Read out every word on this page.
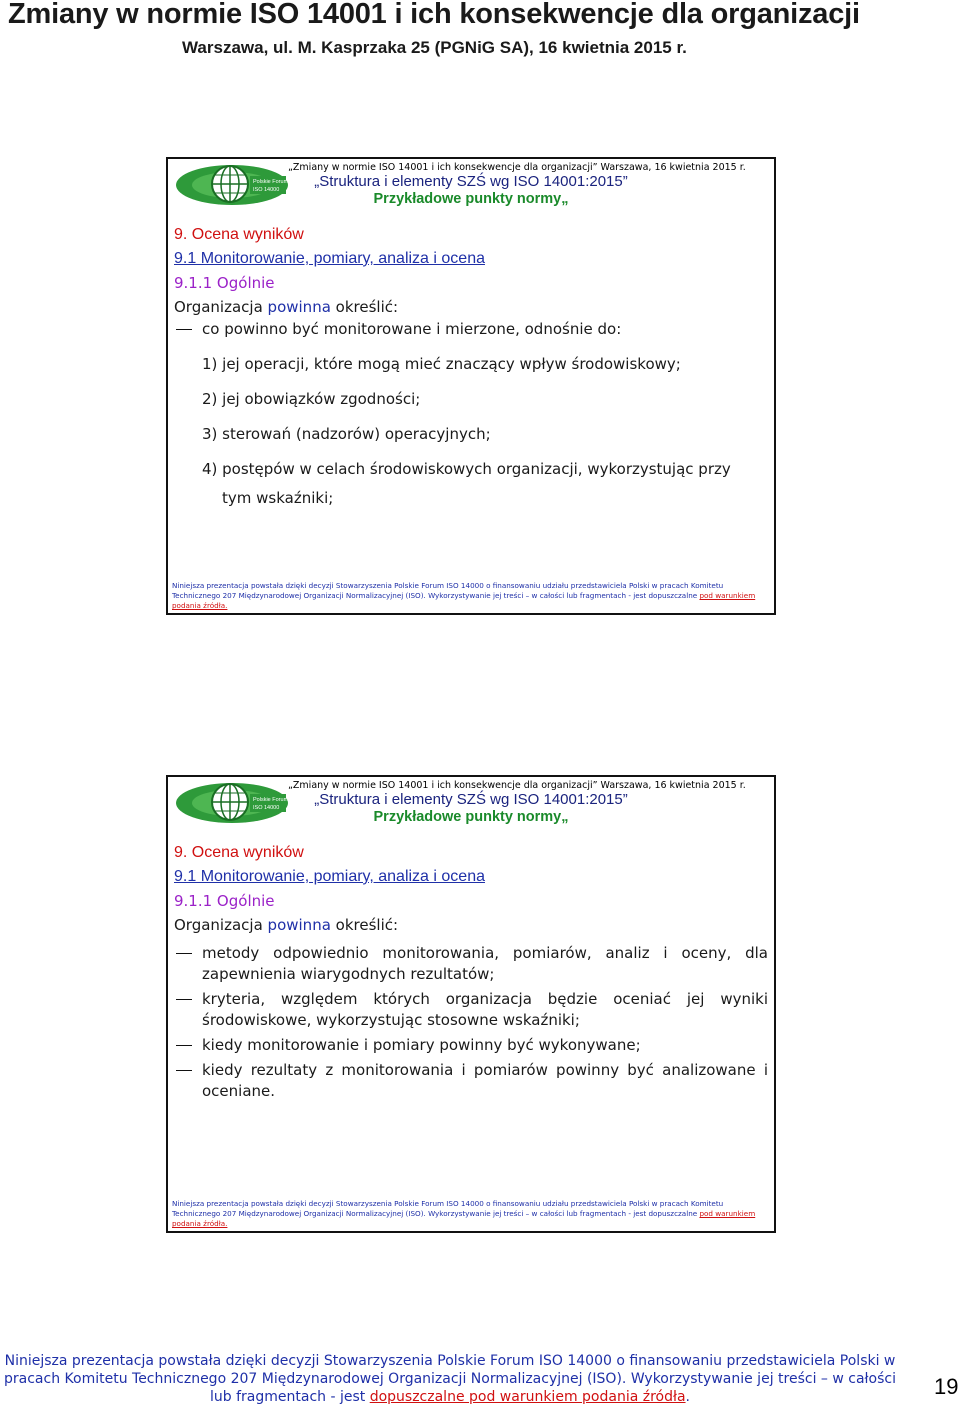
Zmiany w normie ISO 14001 i ich konsekwencje dla organizacji

Warszawa, ul. M. Kasprzaka 25 (PGNiG SA), 16 kwietnia 2015 r.

Polskie Forum
ISO 14000
„Zmiany w normie ISO 14001 i ich konsekwencje dla organizacji” Warszawa, 16 kwietnia 2015 r.
„Struktura i elementy SZŚ wg ISO 14001:2015”
Przykładowe punkty normy„

9. Ocena wyników

9.1 Monitorowanie, pomiary, analiza i ocena

9.1.1 Ogólnie

Organizacja powinna określić:

co powinno być monitorowane i mierzone, odnośnie do:
1) jej operacji, które mogą mieć znaczący wpływ środowiskowy;
2) jej obowiązków zgodności;
3) sterowań (nadzorów) operacyjnych;
4) postępów w celach środowiskowych organizacji, wykorzystując przy
tym wskaźniki;
Niniejsza prezentacja powstała dzięki decyzji Stowarzyszenia Polskie Forum ISO 14000 o finansowaniu udziału przedstawiciela Polski w pracach Komitetu Technicznego 207 Międzynarodowej Organizacji Normalizacyjnej (ISO). Wykorzystywanie jej treści – w całości lub fragmentach - jest dopuszczalne pod warunkiem podania źródła.
Polskie Forum
ISO 14000
„Zmiany w normie ISO 14001 i ich konsekwencje dla organizacji” Warszawa, 16 kwietnia 2015 r.
„Struktura i elementy SZŚ wg ISO 14001:2015”
Przykładowe punkty normy„

9. Ocena wyników

9.1 Monitorowanie, pomiary, analiza i ocena

9.1.1 Ogólnie

Organizacja powinna określić:

metody odpowiednio monitorowania, pomiarów, analiz i oceny, dla zapewnienia wiarygodnych rezultatów;
kryteria, względem których organizacja będzie oceniać jej wyniki środowiskowe, wykorzystując stosowne wskaźniki;
kiedy monitorowanie i pomiary powinny być wykonywane;
kiedy rezultaty z monitorowania i pomiarów powinny być analizowane i oceniane.
Niniejsza prezentacja powstała dzięki decyzji Stowarzyszenia Polskie Forum ISO 14000 o finansowaniu udziału przedstawiciela Polski w pracach Komitetu Technicznego 207 Międzynarodowej Organizacji Normalizacyjnej (ISO). Wykorzystywanie jej treści – w całości lub fragmentach - jest dopuszczalne pod warunkiem podania źródła.
Niniejsza prezentacja powstała dzięki decyzji Stowarzyszenia Polskie Forum ISO 14000 o finansowaniu przedstawiciela Polski w pracach Komitetu Technicznego 207 Międzynarodowej Organizacji Normalizacyjnej (ISO). Wykorzystywanie jej treści – w całości lub fragmentach - jest dopuszczalne pod warunkiem podania źródła.	19
